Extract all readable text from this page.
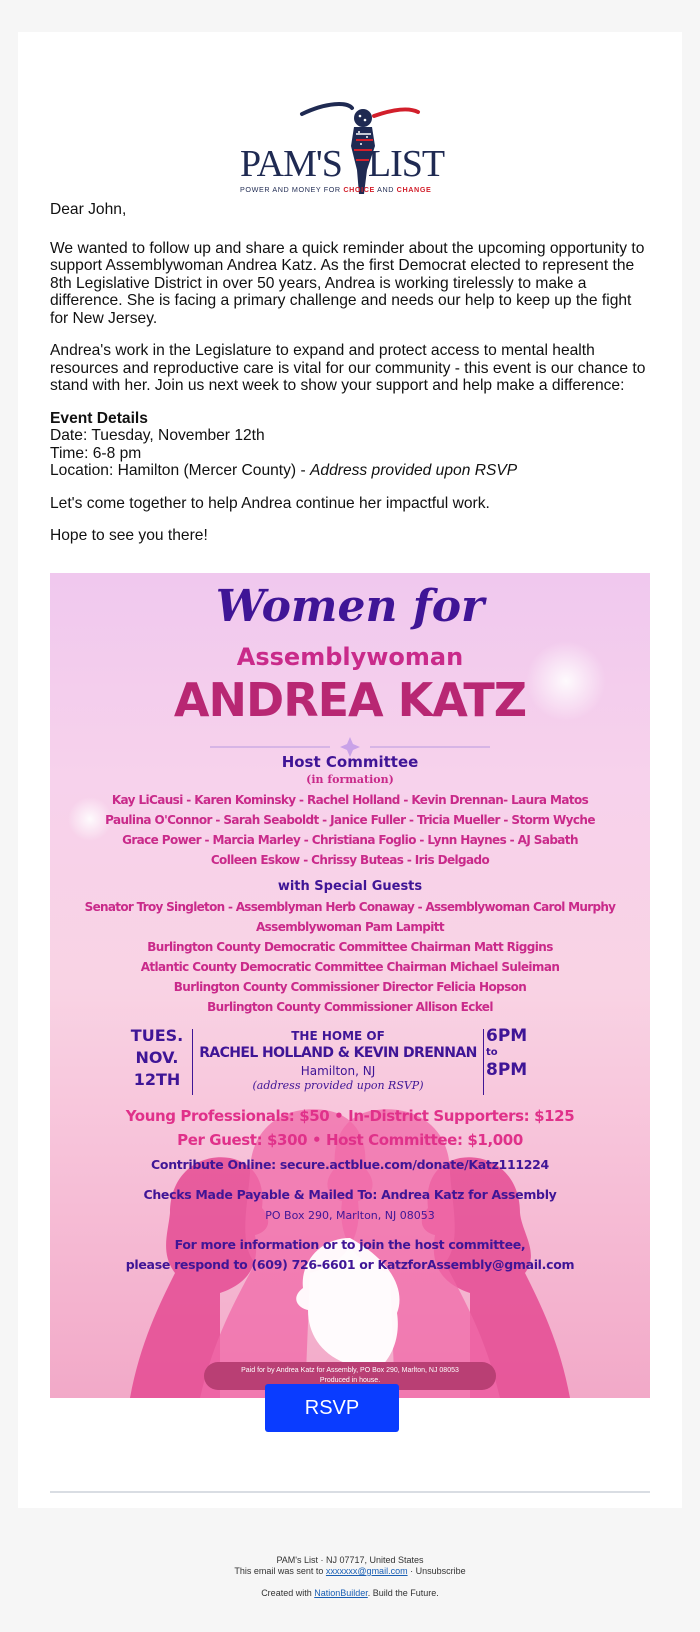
PAM'S LIST
POWER AND MONEY FOR CHOICE AND CHANGE

Dear John,

We wanted to follow up and share a quick reminder about the upcoming opportunity to support Assemblywoman Andrea Katz. As the first Democrat elected to represent the 8th Legislative District in over 50 years, Andrea is working tirelessly to make a difference. She is facing a primary challenge and needs our help to keep up the fight for New Jersey.

Andrea's work in the Legislature to expand and protect access to mental health resources and reproductive care is vital for our community - this event is our chance to stand with her. Join us next week to show your support and help make a difference:

Event Details
Date: Tuesday, November 12th
Time: 6-8 pm
Location: Hamilton (Mercer County) - Address provided upon RSVP

Let's come together to help Andrea continue her impactful work.

Hope to see you there!

Women for
Assemblywoman
ANDREA KATZ
Host Committee
(in formation)
Kay LiCausi - Karen Kominsky - Rachel Holland - Kevin Drennan- Laura Matos
Paulina O'Connor - Sarah Seaboldt - Janice Fuller - Tricia Mueller - Storm Wyche
Grace Power - Marcia Marley - Christiana Foglio - Lynn Haynes - AJ Sabath
Colleen Eskow - Chrissy Buteas - Iris Delgado
with Special Guests
Senator Troy Singleton - Assemblyman Herb Conaway - Assemblywoman Carol Murphy
Assemblywoman Pam Lampitt
Burlington County Democratic Committee Chairman Matt Riggins
Atlantic County Democratic Committee Chairman Michael Suleiman
Burlington County Commissioner Director Felicia Hopson
Burlington County Commissioner Allison Eckel
TUES.
NOV.
12TH
THE HOME OF
RACHEL HOLLAND & KEVIN DRENNAN
Hamilton, NJ
(address provided upon RSVP)
6PM
to
8PM
Young Professionals: $50 • In-District Supporters: $125
Per Guest: $300 • Host Committee: $1,000
Contribute Online: secure.actblue.com/donate/Katz111224
Checks Made Payable & Mailed To: Andrea Katz for Assembly
PO Box 290, Marlton, NJ 08053
For more information or to join the host committee,
please respond to (609) 726-6601 or KatzforAssembly@gmail.com
Paid for by Andrea Katz for Assembly, PO Box 290, Marlton, NJ 08053
Produced in house.
RSVP
PAM's List · NJ 07717, United States
This email was sent to xxxxxxx@gmail.com · Unsubscribe
Created with NationBuilder. Build the Future.
